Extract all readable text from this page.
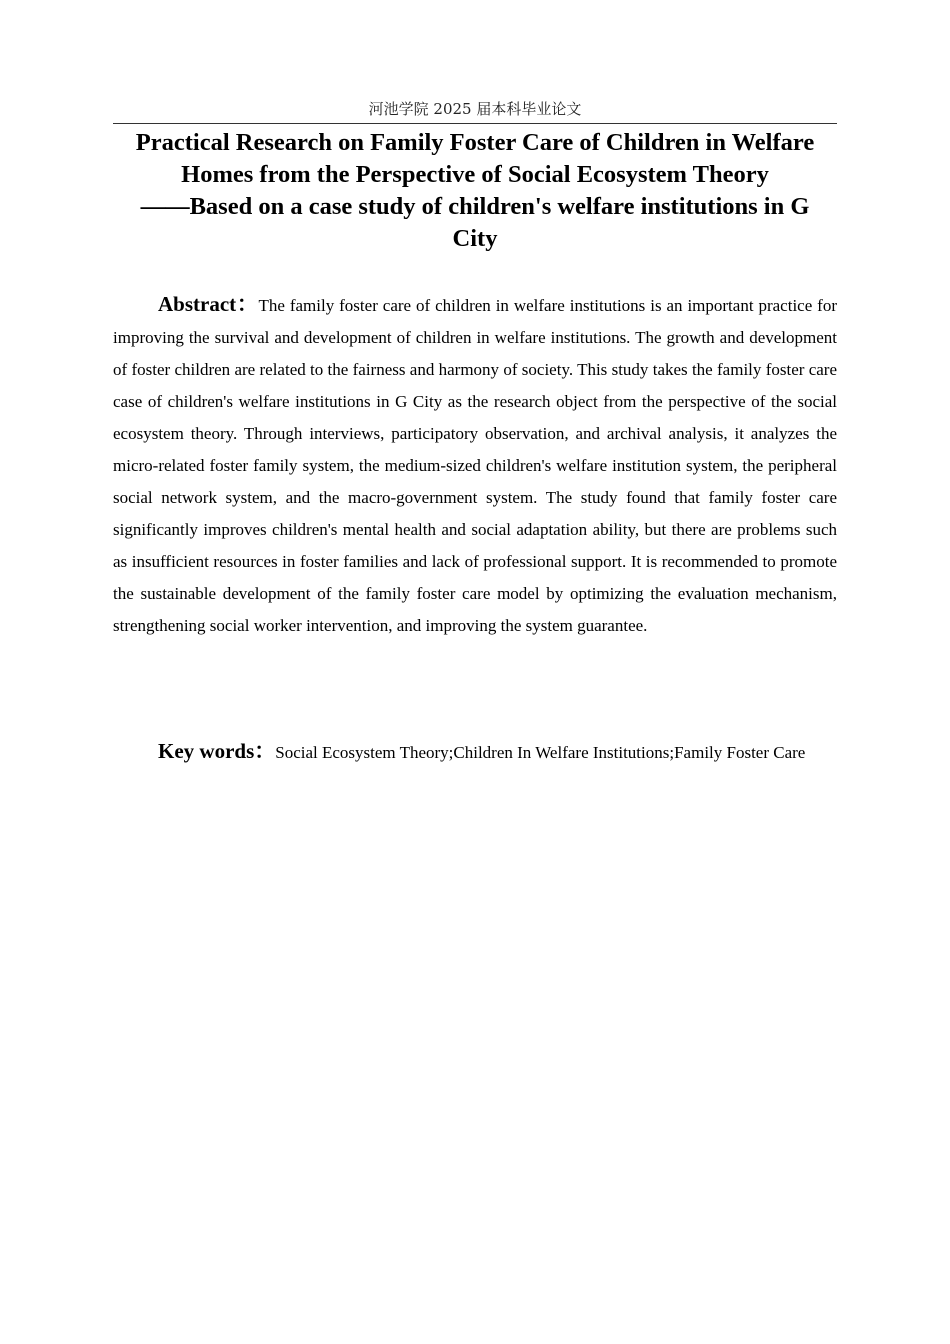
河池学院 2025 届本科毕业论文
Practical Research on Family Foster Care of Children in Welfare
Homes from the Perspective of Social Ecosystem Theory
——Based on a case study of children's welfare institutions in G
City

Abstract：The family foster care of children in welfare institutions is an important practice for improving the survival and development of children in welfare institutions. The growth and development of foster children are related to the fairness and harmony of society. This study takes the family foster care case of children's welfare institutions in G City as the research object from the perspective of the social ecosystem theory. Through interviews, participatory observation, and archival analysis, it analyzes the micro-related foster family system, the medium-sized children's welfare institution system, the peripheral social network system, and the macro-government system. The study found that family foster care significantly improves children's mental health and social adaptation ability, but there are problems such as insufficient resources in foster families and lack of professional support. It is recommended to promote the sustainable development of the family foster care model by optimizing the evaluation mechanism, strengthening social worker intervention, and improving the system guarantee.

Key words：Social Ecosystem Theory;Children In Welfare Institutions;Family Foster Care
